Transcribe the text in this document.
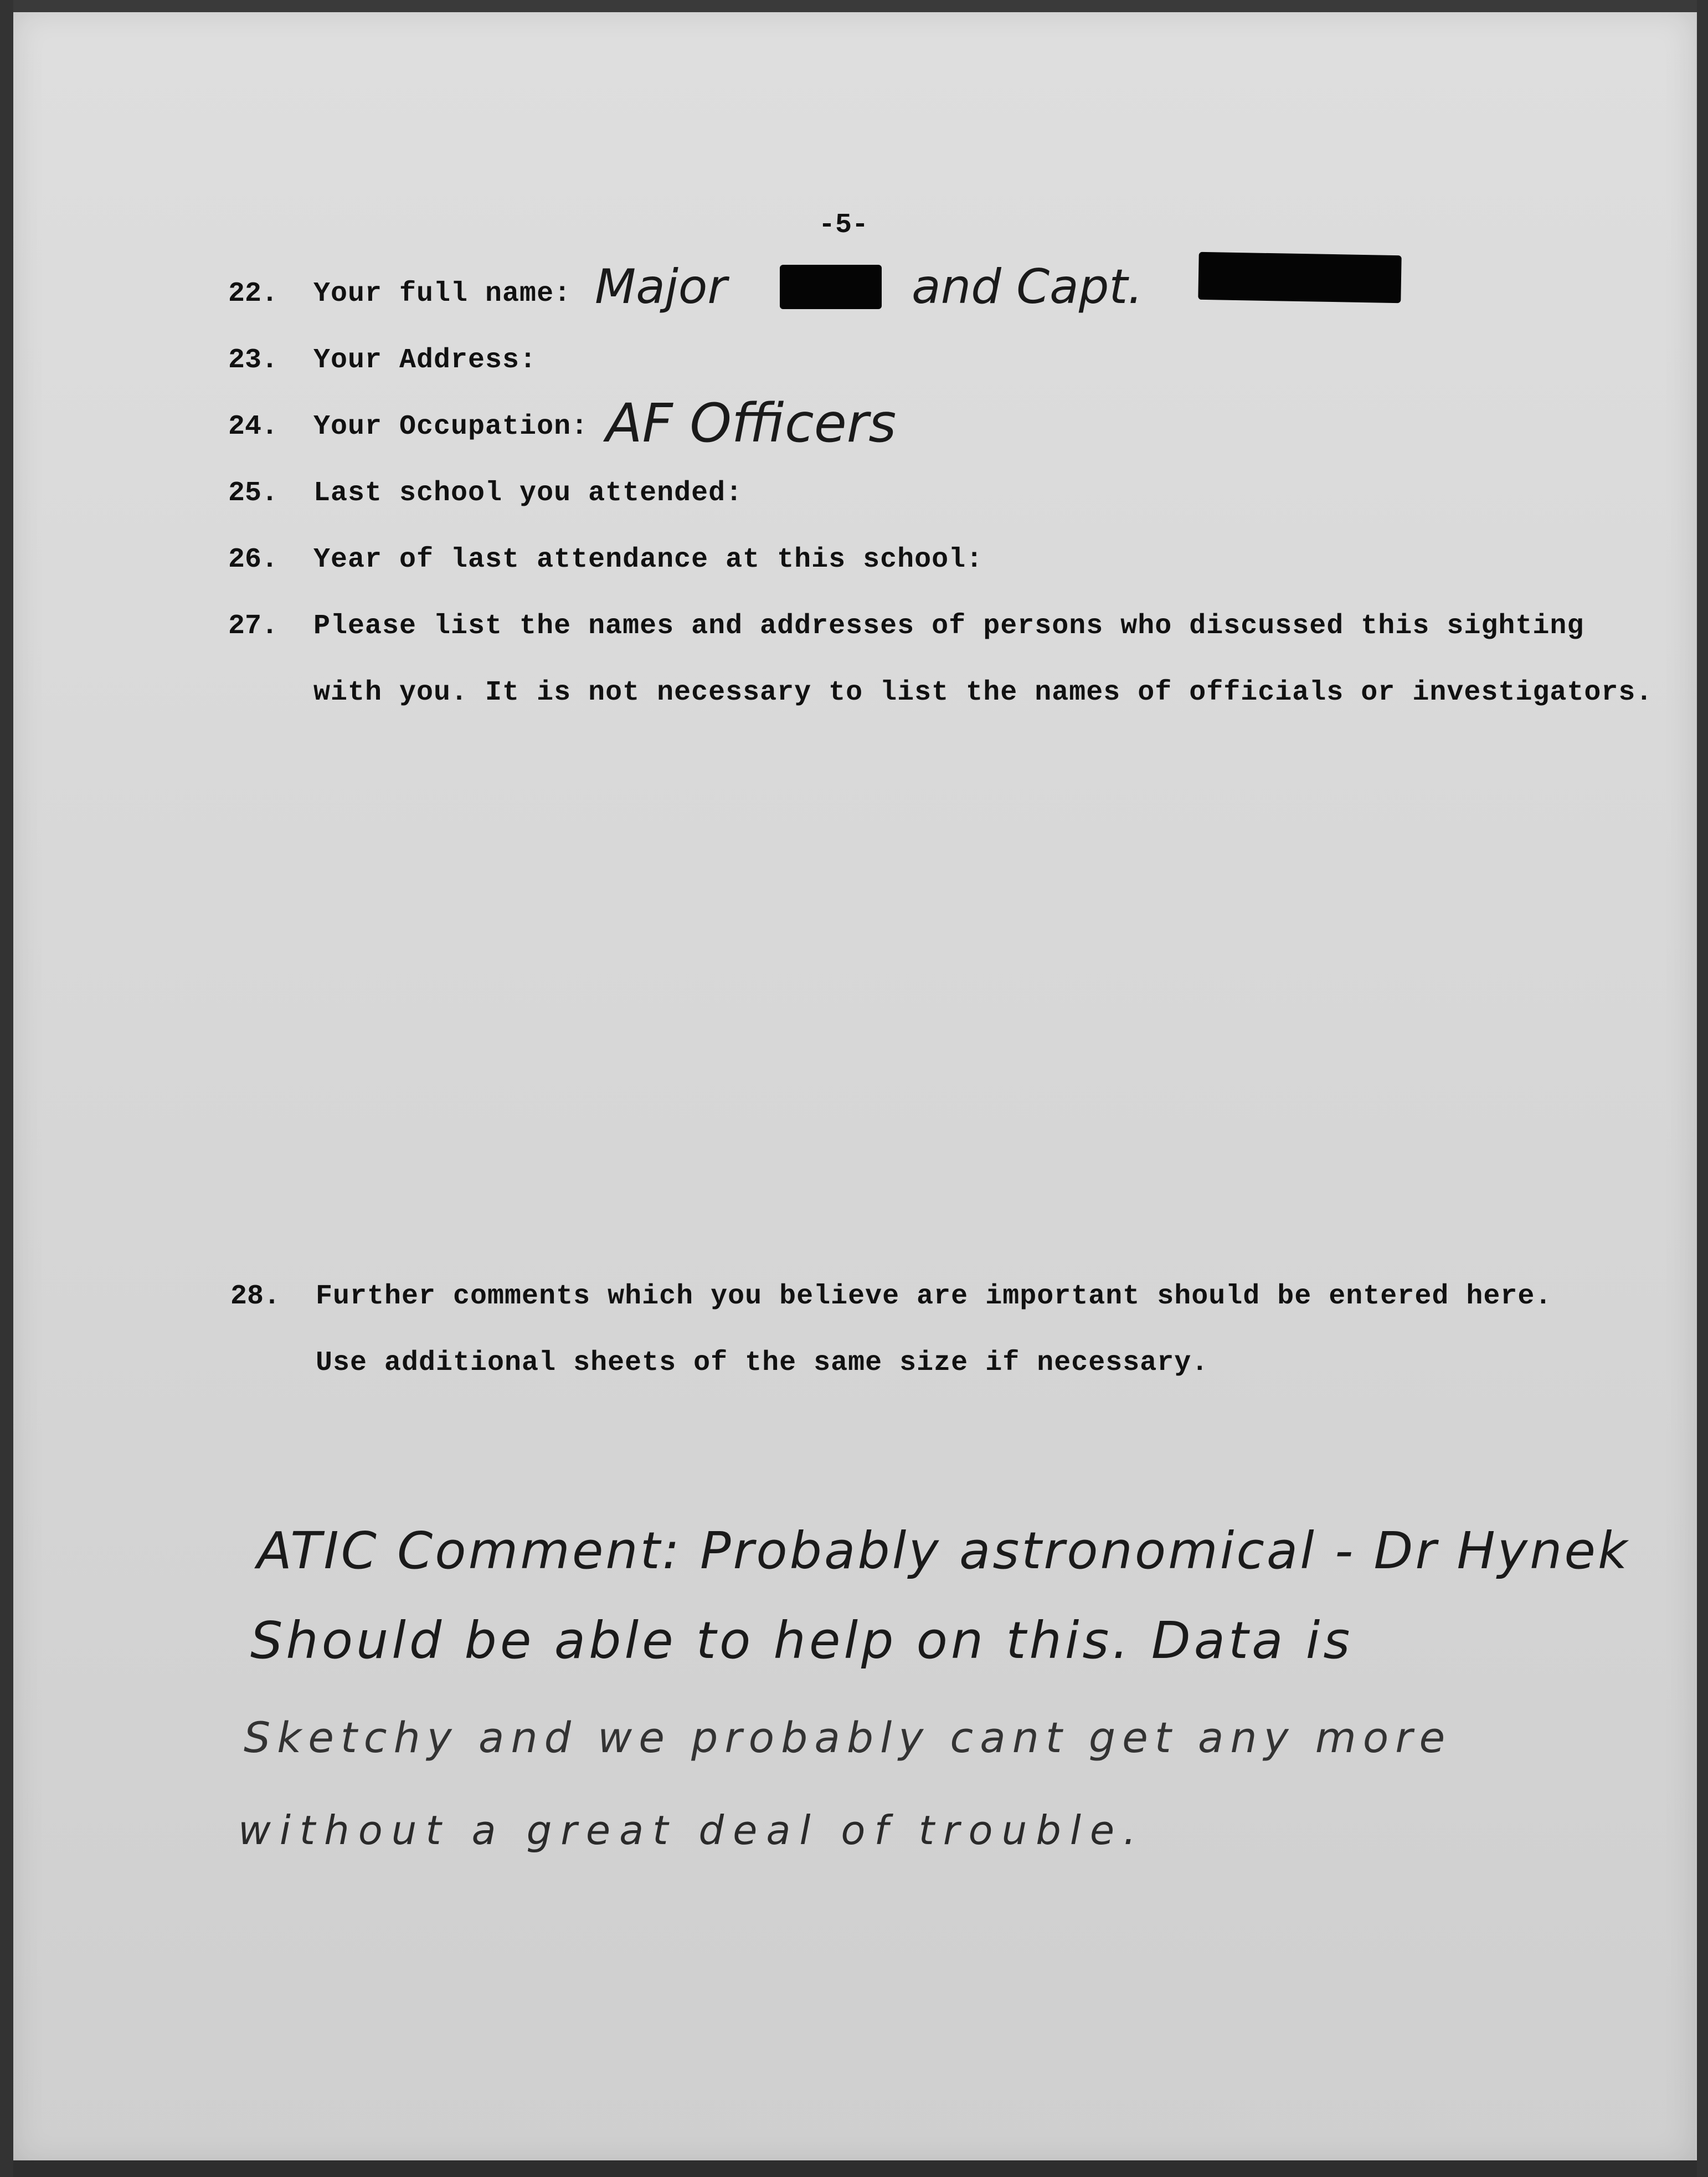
-5-
22. Your full name: Major	and Capt.
23. Your Address:
24. Your Occupation: AF Officers
25. Last school you attended:
26. Year of last attendance at this school:
27. Please list the names and addresses of persons who discussed this sighting
with you. It is not necessary to list the names of officials or investigators.
28. Further comments which you believe are important should be entered here.
Use additional sheets of the same size if necessary.
ATIC Comment: Probably astronomical - Dr Hynek
Should be able to help on this. Data is
Sketchy and we probably cant get any more
without a great deal of trouble.
